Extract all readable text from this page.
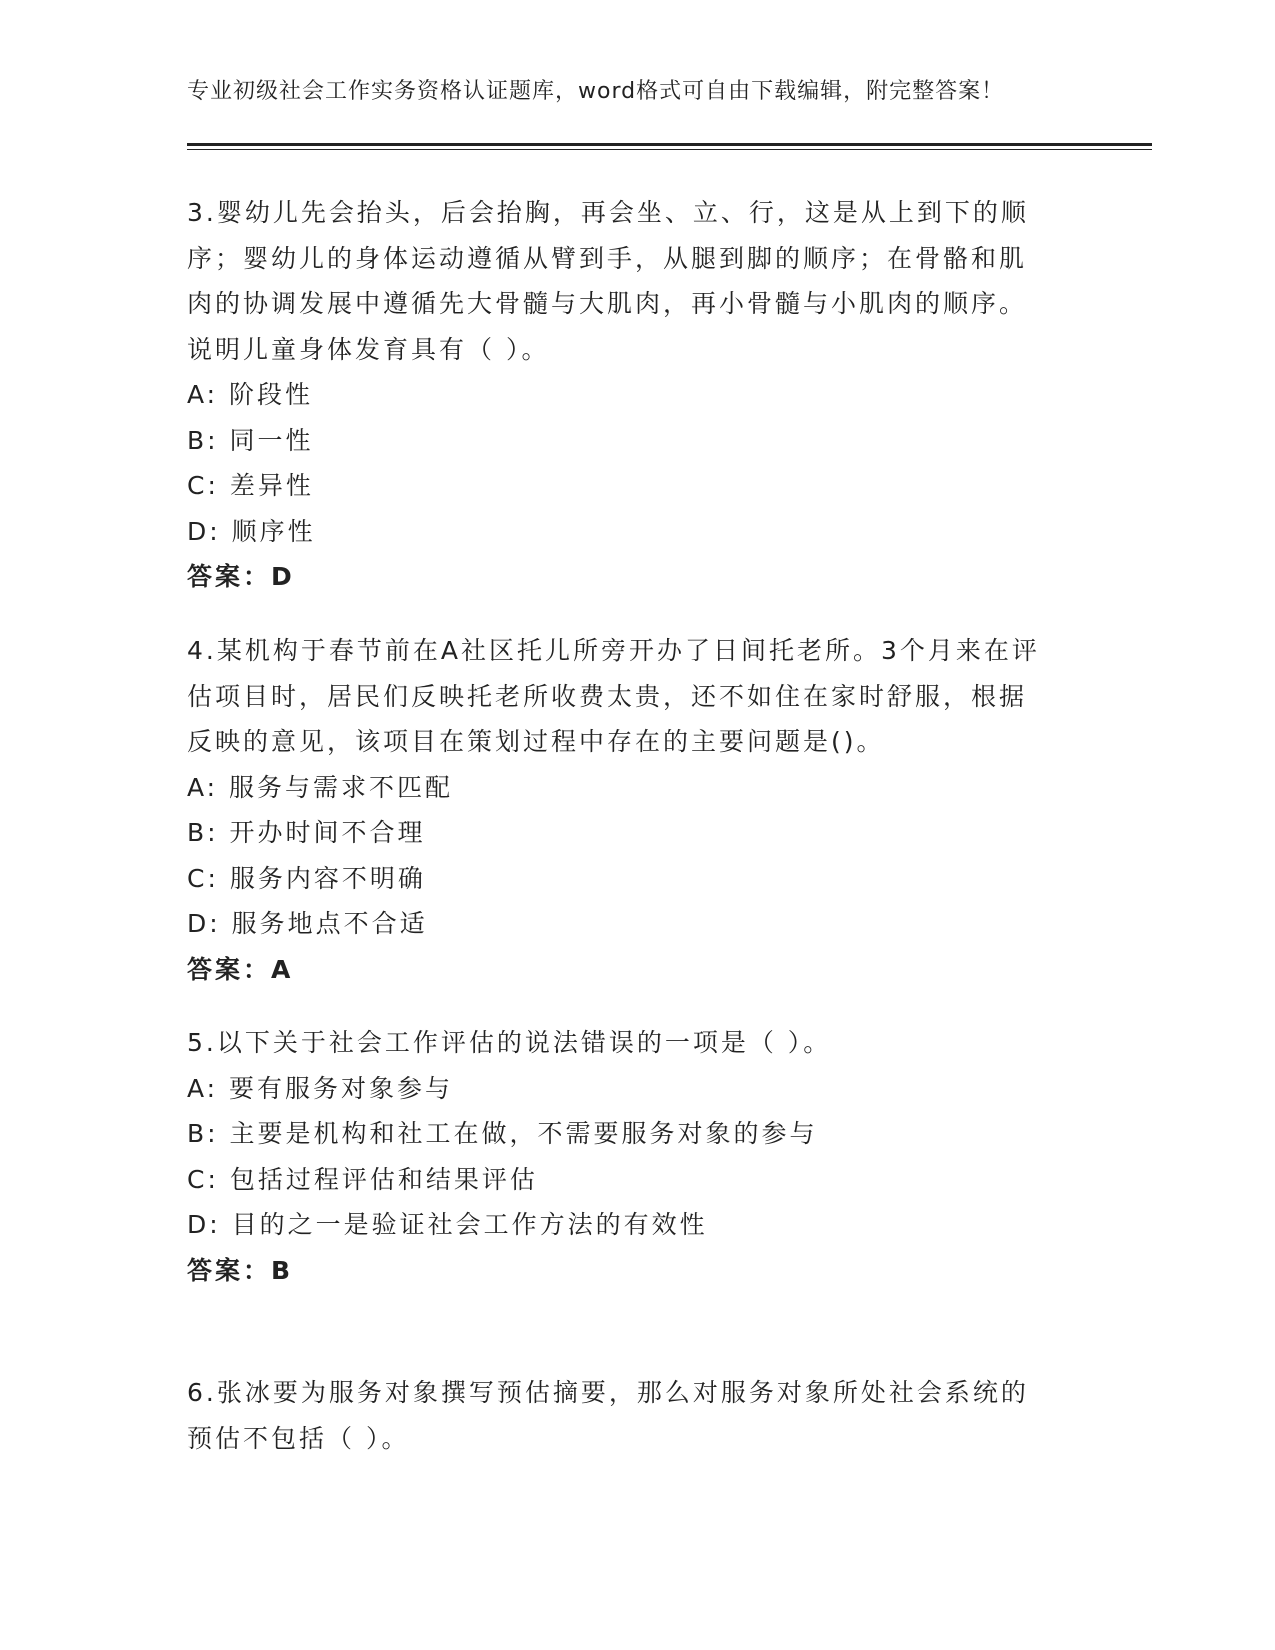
专业初级社会工作实务资格认证题库，word格式可自由下载编辑，附完整答案！
3.婴幼儿先会抬头，后会抬胸，再会坐、立、行，这是从上到下的顺
序；婴幼儿的身体运动遵循从臂到手，从腿到脚的顺序；在骨骼和肌
肉的协调发展中遵循先大骨髓与大肌肉，再小骨髓与小肌肉的顺序。
说明儿童身体发育具有（ ）。
A: 阶段性
B: 同一性
C: 差异性
D: 顺序性
答案：D
4.某机构于春节前在A社区托儿所旁开办了日间托老所。3个月来在评
估项目时，居民们反映托老所收费太贵，还不如住在家时舒服，根据
反映的意见，该项目在策划过程中存在的主要问题是()。
A: 服务与需求不匹配
B: 开办时间不合理
C: 服务内容不明确
D: 服务地点不合适
答案：A
5.以下关于社会工作评估的说法错误的一项是（ ）。
A: 要有服务对象参与
B: 主要是机构和社工在做，不需要服务对象的参与
C: 包括过程评估和结果评估
D: 目的之一是验证社会工作方法的有效性
答案：B
6.张冰要为服务对象撰写预估摘要，那么对服务对象所处社会系统的
预估不包括（ ）。
